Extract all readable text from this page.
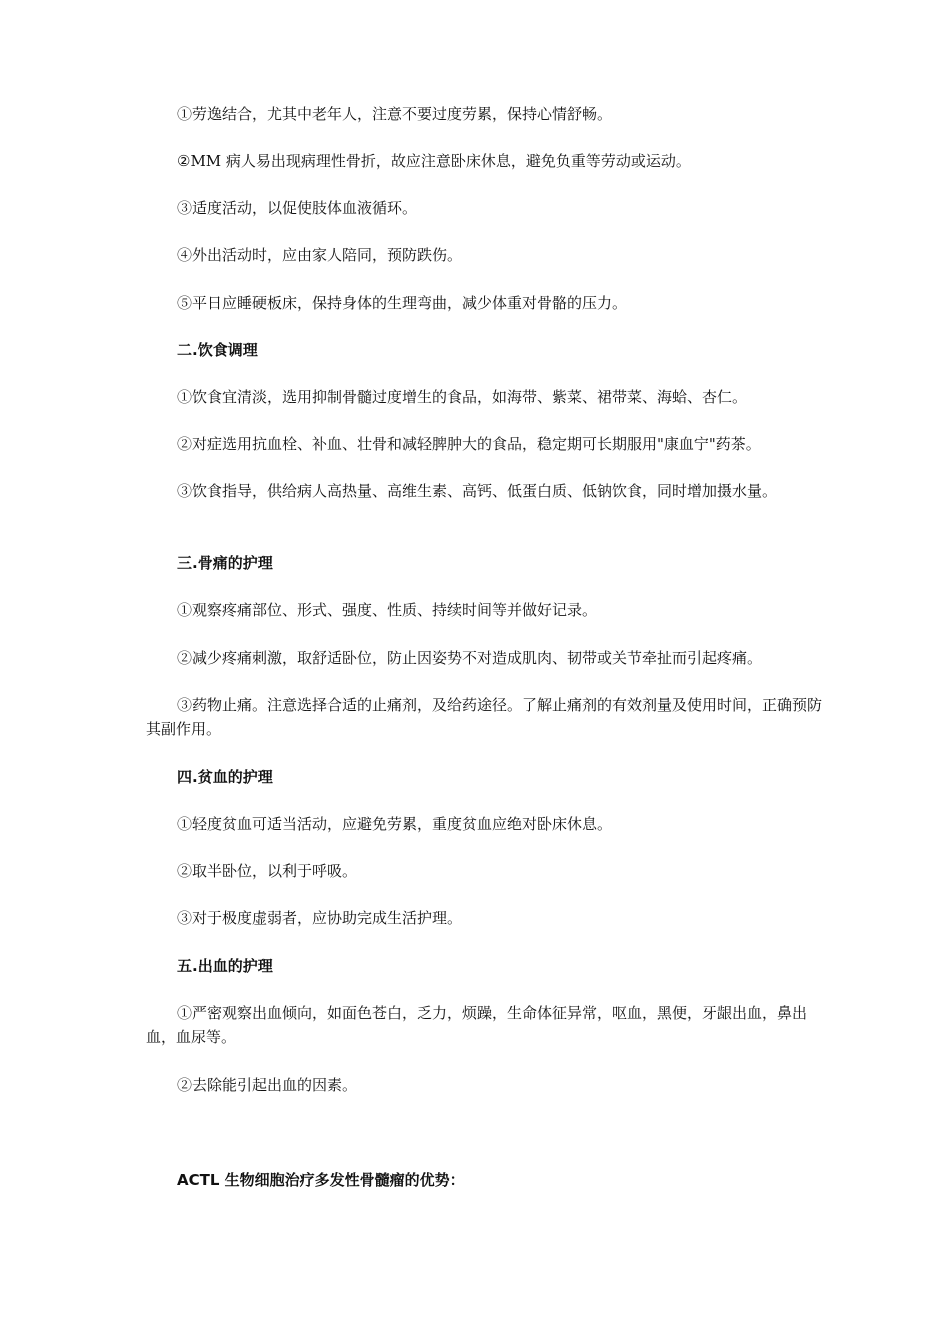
①劳逸结合，尤其中老年人，注意不要过度劳累，保持心情舒畅。
②MM 病人易出现病理性骨折，故应注意卧床休息，避免负重等劳动或运动。
③适度活动，以促使肢体血液循环。
④外出活动时，应由家人陪同，预防跌伤。
⑤平日应睡硬板床，保持身体的生理弯曲，减少体重对骨骼的压力。
二.饮食调理
①饮食宜清淡，选用抑制骨髓过度增生的食品，如海带、紫菜、裙带菜、海蛤、杏仁。
②对症选用抗血栓、补血、壮骨和减轻脾肿大的食品，稳定期可长期服用"康血宁"药茶。
③饮食指导，供给病人高热量、高维生素、高钙、低蛋白质、低钠饮食，同时增加摄水量。
三.骨痛的护理
①观察疼痛部位、形式、强度、性质、持续时间等并做好记录。
②减少疼痛刺激，取舒适卧位，防止因姿势不对造成肌肉、韧带或关节牵扯而引起疼痛。
③药物止痛。注意选择合适的止痛剂，及给药途径。了解止痛剂的有效剂量及使用时间，正确预防其副作用。
四.贫血的护理
①轻度贫血可适当活动，应避免劳累，重度贫血应绝对卧床休息。
②取半卧位，以利于呼吸。
③对于极度虚弱者，应协助完成生活护理。
五.出血的护理
①严密观察出血倾向，如面色苍白，乏力，烦躁，生命体征异常，呕血，黑便，牙龈出血，鼻出血，血尿等。
②去除能引起出血的因素。
ACTL 生物细胞治疗多发性骨髓瘤的优势：
